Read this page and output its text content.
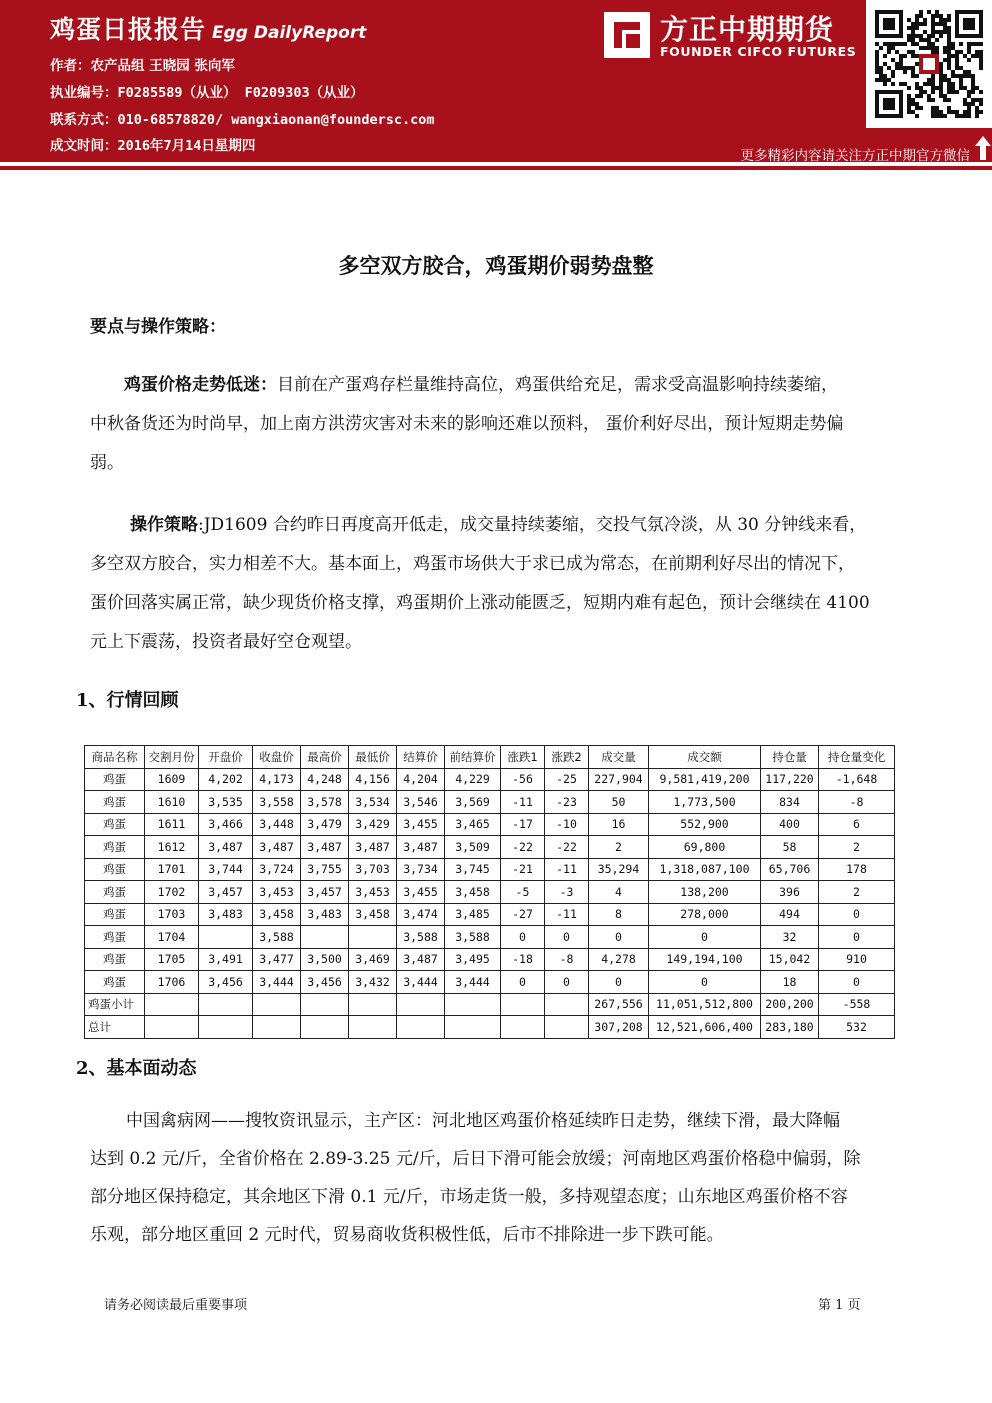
鸡蛋日报报告 Egg DailyReport
作者：农产品组 王晓园 张向军
执业编号：F0285589（从业） F0209303（从业）
联系方式：010-68578820/ wangxiaonan@foundersc.com
成文时间：2016年7月14日星期四
方正中期期货
FOUNDER CIFCO FUTURES
更多精彩内容请关注方正中期官方微信
多空双方胶合，鸡蛋期价弱势盘整
要点与操作策略：
鸡蛋价格走势低迷：目前在产蛋鸡存栏量维持高位，鸡蛋供给充足，需求受高温影响持续萎缩，
中秋备货还为时尚早，加上南方洪涝灾害对未来的影响还难以预料， 蛋价利好尽出，预计短期走势偏
弱。
操作策略:JD1609 合约昨日再度高开低走，成交量持续萎缩，交投气氛冷淡，从 30 分钟线来看，
多空双方胶合，实力相差不大。基本面上，鸡蛋市场供大于求已成为常态，在前期利好尽出的情况下，
蛋价回落实属正常，缺少现货价格支撑，鸡蛋期价上涨动能匮乏，短期内难有起色，预计会继续在 4100
元上下震荡，投资者最好空仓观望。
1、行情回顾
商品名称	交割月份	开盘价	收盘价	最高价	最低价	结算价	前结算价	涨跌1	涨跌2	成交量	成交额	持仓量	持仓量变化
鸡蛋	1609	4,202	4,173	4,248	4,156	4,204	4,229	-56	-25	227,904	9,581,419,200	117,220	-1,648
鸡蛋	1610	3,535	3,558	3,578	3,534	3,546	3,569	-11	-23	50	1,773,500	834	-8
鸡蛋	1611	3,466	3,448	3,479	3,429	3,455	3,465	-17	-10	16	552,900	400	6
鸡蛋	1612	3,487	3,487	3,487	3,487	3,487	3,509	-22	-22	2	69,800	58	2
鸡蛋	1701	3,744	3,724	3,755	3,703	3,734	3,745	-21	-11	35,294	1,318,087,100	65,706	178
鸡蛋	1702	3,457	3,453	3,457	3,453	3,455	3,458	-5	-3	4	138,200	396	2
鸡蛋	1703	3,483	3,458	3,483	3,458	3,474	3,485	-27	-11	8	278,000	494	0
鸡蛋	1704		3,588			3,588	3,588	0	0	0	0	32	0
鸡蛋	1705	3,491	3,477	3,500	3,469	3,487	3,495	-18	-8	4,278	149,194,100	15,042	910
鸡蛋	1706	3,456	3,444	3,456	3,432	3,444	3,444	0	0	0	0	18	0
鸡蛋小计										267,556	11,051,512,800	200,200	-558
总计										307,208	12,521,606,400	283,180	532
2、基本面动态
中国禽病网——搜牧资讯显示，主产区：河北地区鸡蛋价格延续昨日走势，继续下滑，最大降幅
达到 0.2 元/斤，全省价格在 2.89-3.25 元/斤，后日下滑可能会放缓；河南地区鸡蛋价格稳中偏弱，除
部分地区保持稳定，其余地区下滑 0.1 元/斤，市场走货一般，多持观望态度；山东地区鸡蛋价格不容
乐观，部分地区重回 2 元时代，贸易商收货积极性低，后市不排除进一步下跌可能。
请务必阅读最后重要事项	第 1 页
